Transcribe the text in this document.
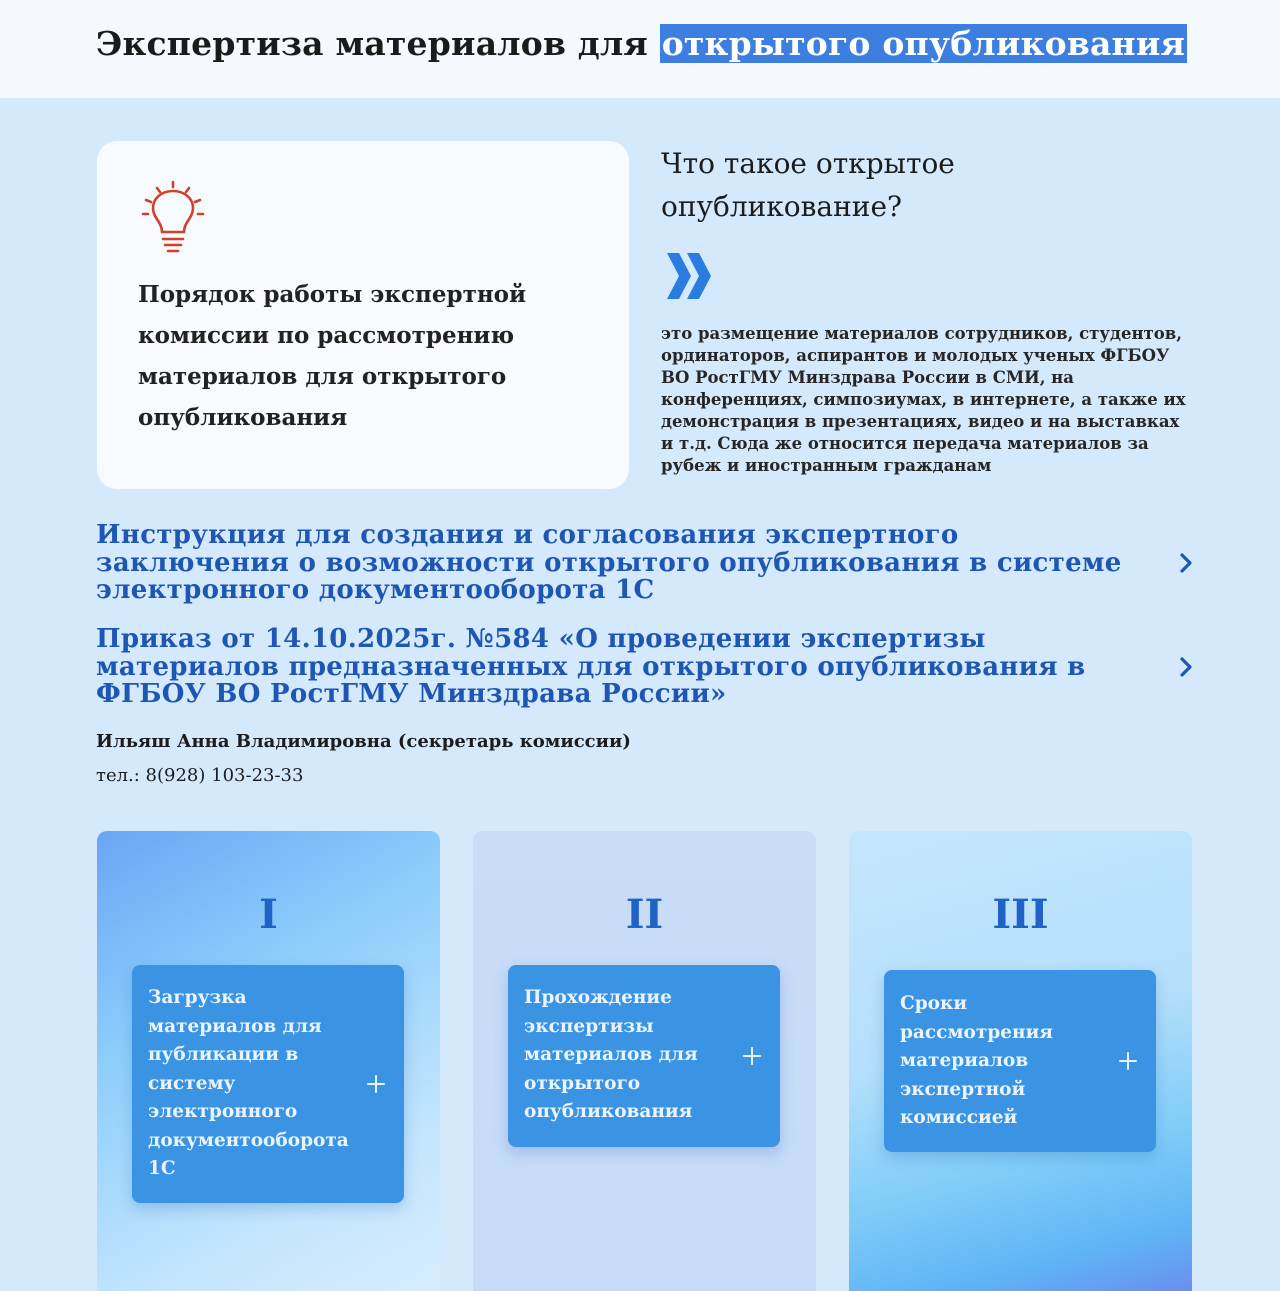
Экспертиза материалов для открытого опубликования
Порядок работы экспертной комиссии по рассмотрению материалов для открытого опубликования
Что такое открытое опубликование?
это размещение материалов сотрудников, студентов, ординаторов, аспирантов и молодых ученых ФГБОУ ВО РостГМУ Минздрава России в СМИ, на конференциях, симпозиумах, в интернете, а также их демонстрация в презентациях, видео и на выставках и т.д. Сюда же относится передача материалов за рубеж и иностранным гражданам
Инструкция для создания и согласования экспертного заключения о возможности открытого опубликования в системе электронного документооборота 1С
Приказ от 14.10.2025г. №584 «О проведении экспертизы материалов предназначенных для открытого опубликования в ФГБОУ ВО РостГМУ Минздрава России»
Ильяш Анна Владимировна (секретарь комиссии)
тел.: 8(928) 103-23-33
I
Загрузка материалов для публикации в систему электронного документооборота 1С
II
Прохождение экспертизы материалов для открытого опубликования
III
Сроки рассмотрения материалов экспертной комиссией
